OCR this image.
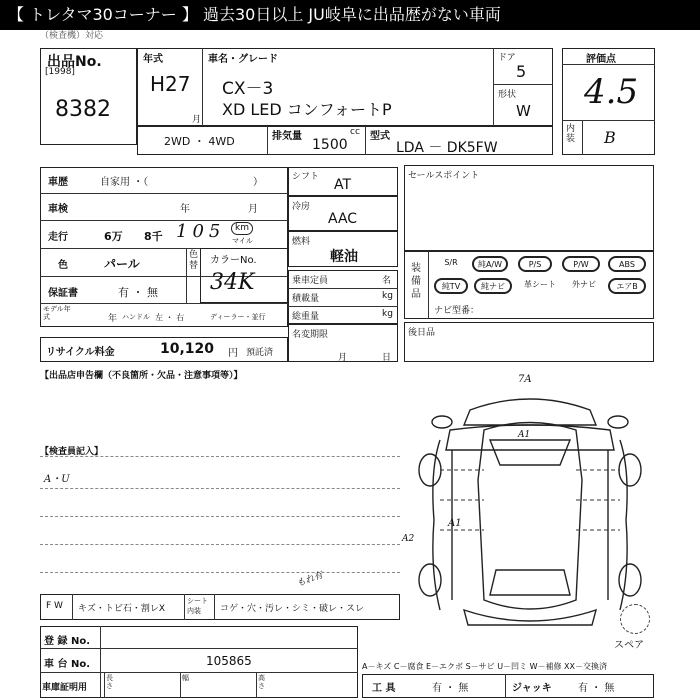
【 トレタマ30コーナー 】 過去30日以上 JU岐阜に出品歴がない車両
（検査機）対応
出品No.
[1998]
8382
年式
H27
月
車名・グレード
CX－3
XD LED コンフォートP
ドア
5
形状
W
評価点
4.5
内装 B
2WD ・ 4WD	排気量	cc
1500
型式
LDA － DK5FW
車歴	自家用 ・（	）
車検	年	月
走行	6万 8千 105	km
マイル
色	パール
色替
保証書	有 ・ 無
モデル年式	年 ハンドル 左 ・ 右	ディーラー・並行
カラーNo.
34K
リサイクル料金	10,120 円 預託済
シフト AT
冷房
AAC
燃料
軽油
乗車定員	名
積載量	kg
総重量	kg
名変期限
月	日
セールスポイント
装備品
S/R	純A/W	P/S	P/W	ABS
純TV	純ナビ	革シート	外ナビ	エアB
ナビ型番：
後日品
【出品店申告欄（不良箇所・欠品・注意事項等）】
【検査員記入】
A・U
7A
A1
A1
A2
もれ有
スペア
F W キズ・トビ石・割レX
シート内装	コゲ・穴・汚レ・シミ・破レ・スレ
登 録 No.
車 台 No.	105865
車庫証明用
長さ
幅	高さ
A－キズ C－腐食 E－エクボ S－サビ U－凹ミ W－補修 XX－交換済
工 具	有 ・ 無	ジャッキ	有 ・ 無
